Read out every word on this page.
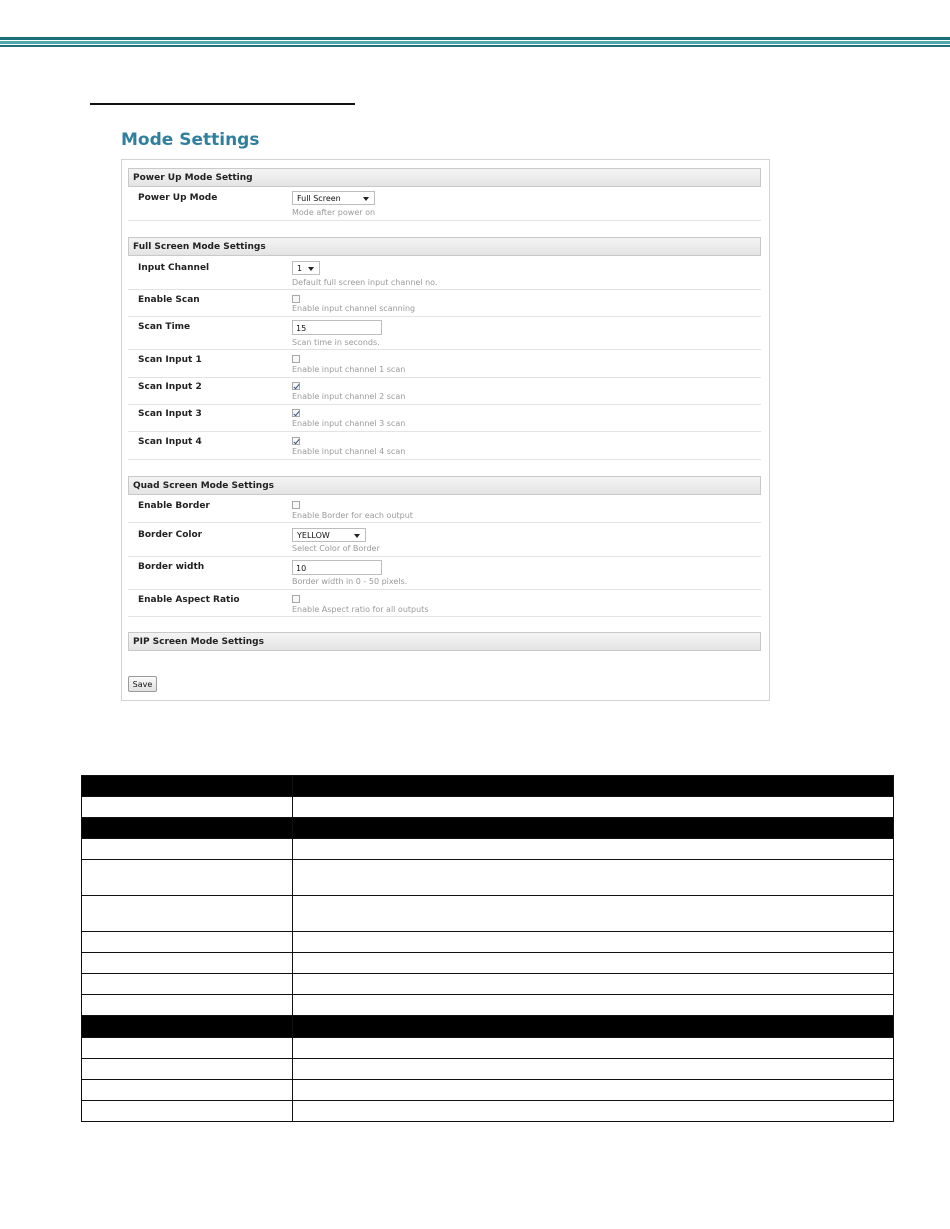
Mode Settings
Power Up Mode Setting
Power Up Mode	Full Screen
Mode after power on
Full Screen Mode Settings
Input Channel	1
Default full screen input channel no.
Enable Scan
Enable input channel scanning
Scan Time	15
Scan time in seconds.
Scan Input 1
Enable input channel 1 scan
Scan Input 2
Enable input channel 2 scan
Scan Input 3
Enable input channel 3 scan
Scan Input 4
Enable input channel 4 scan
Quad Screen Mode Settings
Enable Border
Enable Border for each output
Border Color	YELLOW
Select Color of Border
Border width	10
Border width in 0 - 50 pixels.
Enable Aspect Ratio
Enable Aspect ratio for all outputs
PIP Screen Mode Settings
Save
